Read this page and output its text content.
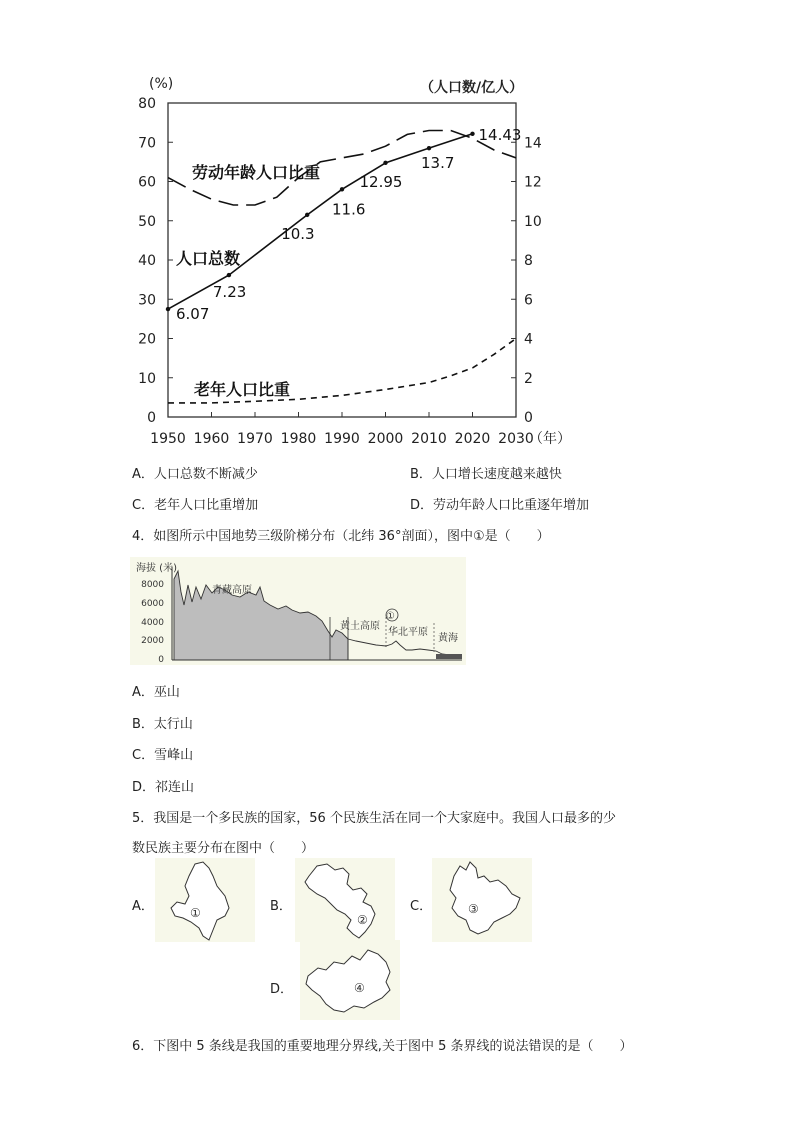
0
10
20
30
40
50
60
70
80
0
2
4
6
8
10
12
14
1950 1960 1970 1980 1990 2000 2010 2020 2030
(%)	（人口数/亿人）
（年）
人口总数
劳动年龄人口比重
老年人口比重
6.07
7.23
10.3
11.6
12.95
13.7
14.43
A．人口总数不断减少	B．人口增长速度越来越快
C．老年人口比重增加	D．劳动年龄人口比重逐年增加
4．如图所示中国地势三级阶梯分布（北纬 36°剖面），图中①是（　　）
海拔 (米)
8000
6000
4000
2000
0
青藏高原
黄土高原
①
华北平原
黄海
A．巫山
B．太行山
C．雪峰山
D．祁连山
5．我国是一个多民族的国家，56 个民族生活在同一个大家庭中。我国人口最多的少
数民族主要分布在图中（　　）
A．	①	B．
②
C．	③
D．	④
6．下图中 5 条线是我国的重要地理分界线,关于图中 5 条界线的说法错误的是（　　）
